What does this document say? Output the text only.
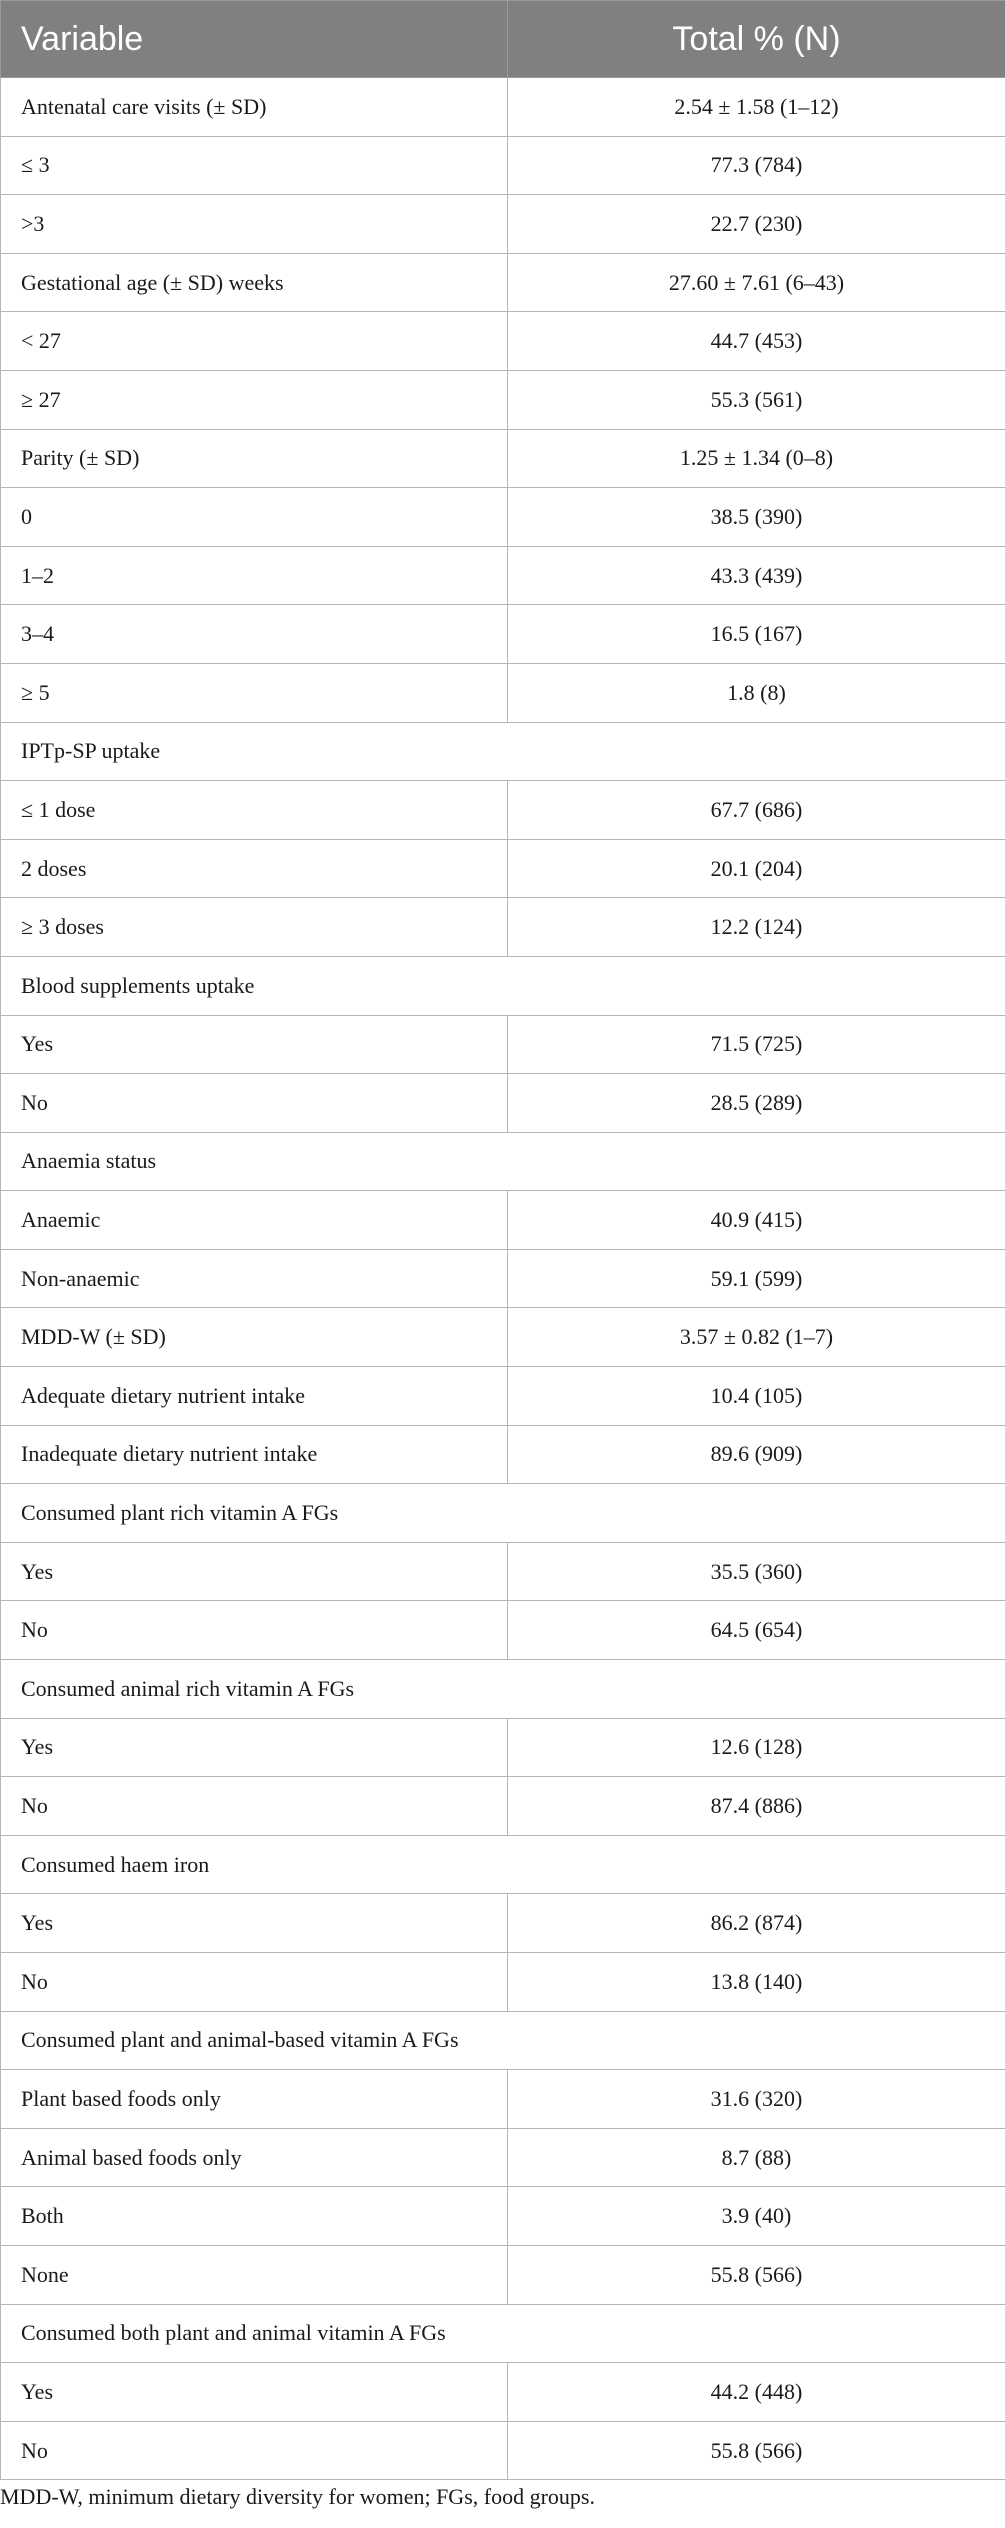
Variable	Total % (N)
Antenatal care visits (± SD)	2.54 ± 1.58 (1–12)
≤ 3	77.3 (784)
>3	22.7 (230)
Gestational age (± SD) weeks	27.60 ± 7.61 (6–43)
< 27	44.7 (453)
≥ 27	55.3 (561)
Parity (± SD)	1.25 ± 1.34 (0–8)
0	38.5 (390)
1–2	43.3 (439)
3–4	16.5 (167)
≥ 5	1.8 (8)
IPTp-SP uptake	
≤ 1 dose	67.7 (686)
2 doses	20.1 (204)
≥ 3 doses	12.2 (124)
Blood supplements uptake	
Yes	71.5 (725)
No	28.5 (289)
Anaemia status	
Anaemic	40.9 (415)
Non-anaemic	59.1 (599)
MDD-W (± SD)	3.57 ± 0.82 (1–7)
Adequate dietary nutrient intake	10.4 (105)
Inadequate dietary nutrient intake	89.6 (909)
Consumed plant rich vitamin A FGs	
Yes	35.5 (360)
No	64.5 (654)
Consumed animal rich vitamin A FGs	
Yes	12.6 (128)
No	87.4 (886)
Consumed haem iron	
Yes	86.2 (874)
No	13.8 (140)
Consumed plant and animal-based vitamin A FGs	
Plant based foods only	31.6 (320)
Animal based foods only	8.7 (88)
Both	3.9 (40)
None	55.8 (566)
Consumed both plant and animal vitamin A FGs	
Yes	44.2 (448)
No	55.8 (566)
MDD-W, minimum dietary diversity for women; FGs, food groups.
